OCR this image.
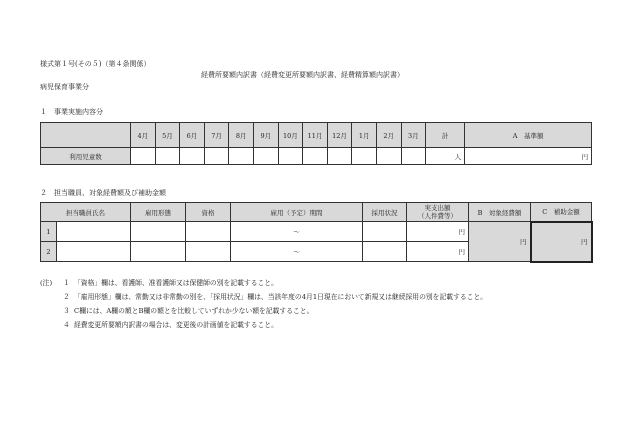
様式第１号(その５)（第４条関係）
経費所要額内訳書（経費変更所要額内訳書、経費精算額内訳書）
病児保育事業分
１　事業実施内容分
	4月	5月	6月	7月	8月	9月	10月	11月	12月	1月	2月	3月	計	A　基準額
利用児童数													人	円
２　担当職員、対象経費額及び補助金額
担当職員氏名		雇用形態	資格	雇用（予定）期間	採用状況	実支出額
（人件費等）	B　対象経費額	C　補助金額
1				～		円	円	円
2				～		円		
(注) １ 「資格」欄は、看護師、准看護師又は保健師の別を記載すること。
２ 「雇用形態」欄は、常勤又は非常勤の別を、「採用状況」欄は、当該年度の4月1日現在において新規又は継続採用の別を記載すること。
３ C欄には、A欄の額とB欄の額とを比較していずれか少ない額を記載すること。
４ 経費変更所要額内訳書の場合は、変更後の計画値を記載すること。
